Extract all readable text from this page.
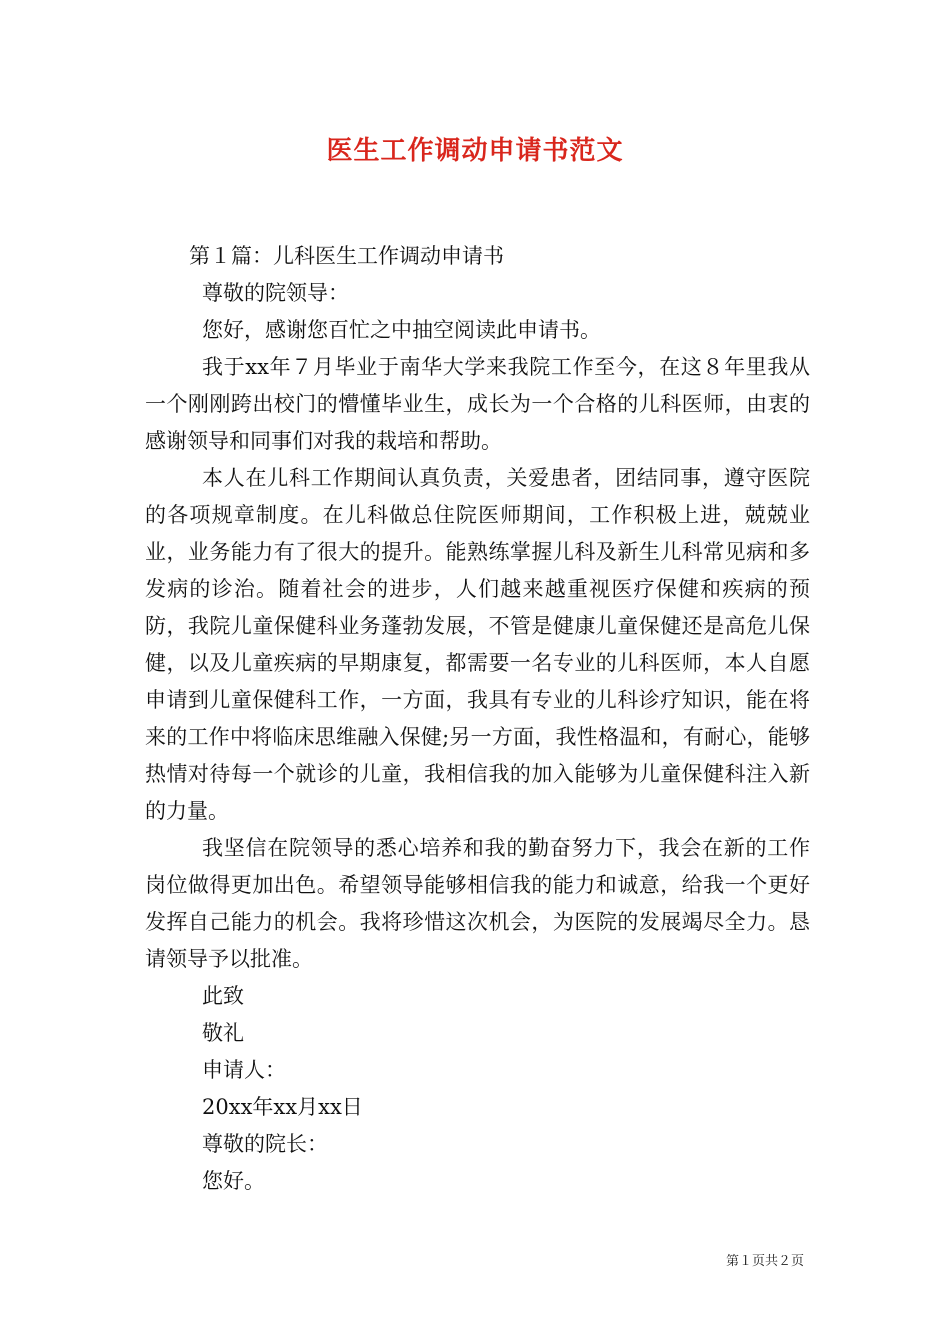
医生工作调动申请书范文
第１篇：儿科医生工作调动申请书
尊敬的院领导：
您好，感谢您百忙之中抽空阅读此申请书。
我于xx年７月毕业于南华大学来我院工作至今，在这８年里我从一个刚刚跨出校门的懵懂毕业生，成长为一个合格的儿科医师，由衷的感谢领导和同事们对我的栽培和帮助。
本人在儿科工作期间认真负责，关爱患者，团结同事，遵守医院的各项规章制度。在儿科做总住院医师期间，工作积极上进，兢兢业业，业务能力有了很大的提升。能熟练掌握儿科及新生儿科常见病和多发病的诊治。随着社会的进步，人们越来越重视医疗保健和疾病的预防，我院儿童保健科业务蓬勃发展，不管是健康儿童保健还是高危儿保健，以及儿童疾病的早期康复，都需要一名专业的儿科医师，本人自愿申请到儿童保健科工作，一方面，我具有专业的儿科诊疗知识，能在将来的工作中将临床思维融入保健;另一方面，我性格温和，有耐心，能够热情对待每一个就诊的儿童，我相信我的加入能够为儿童保健科注入新的力量。
我坚信在院领导的悉心培养和我的勤奋努力下，我会在新的工作岗位做得更加出色。希望领导能够相信我的能力和诚意，给我一个更好发挥自己能力的机会。我将珍惜这次机会，为医院的发展竭尽全力。恳请领导予以批准。
此致
敬礼
申请人：
20xx年xx月xx日
尊敬的院长：
您好。
第１页共２页
